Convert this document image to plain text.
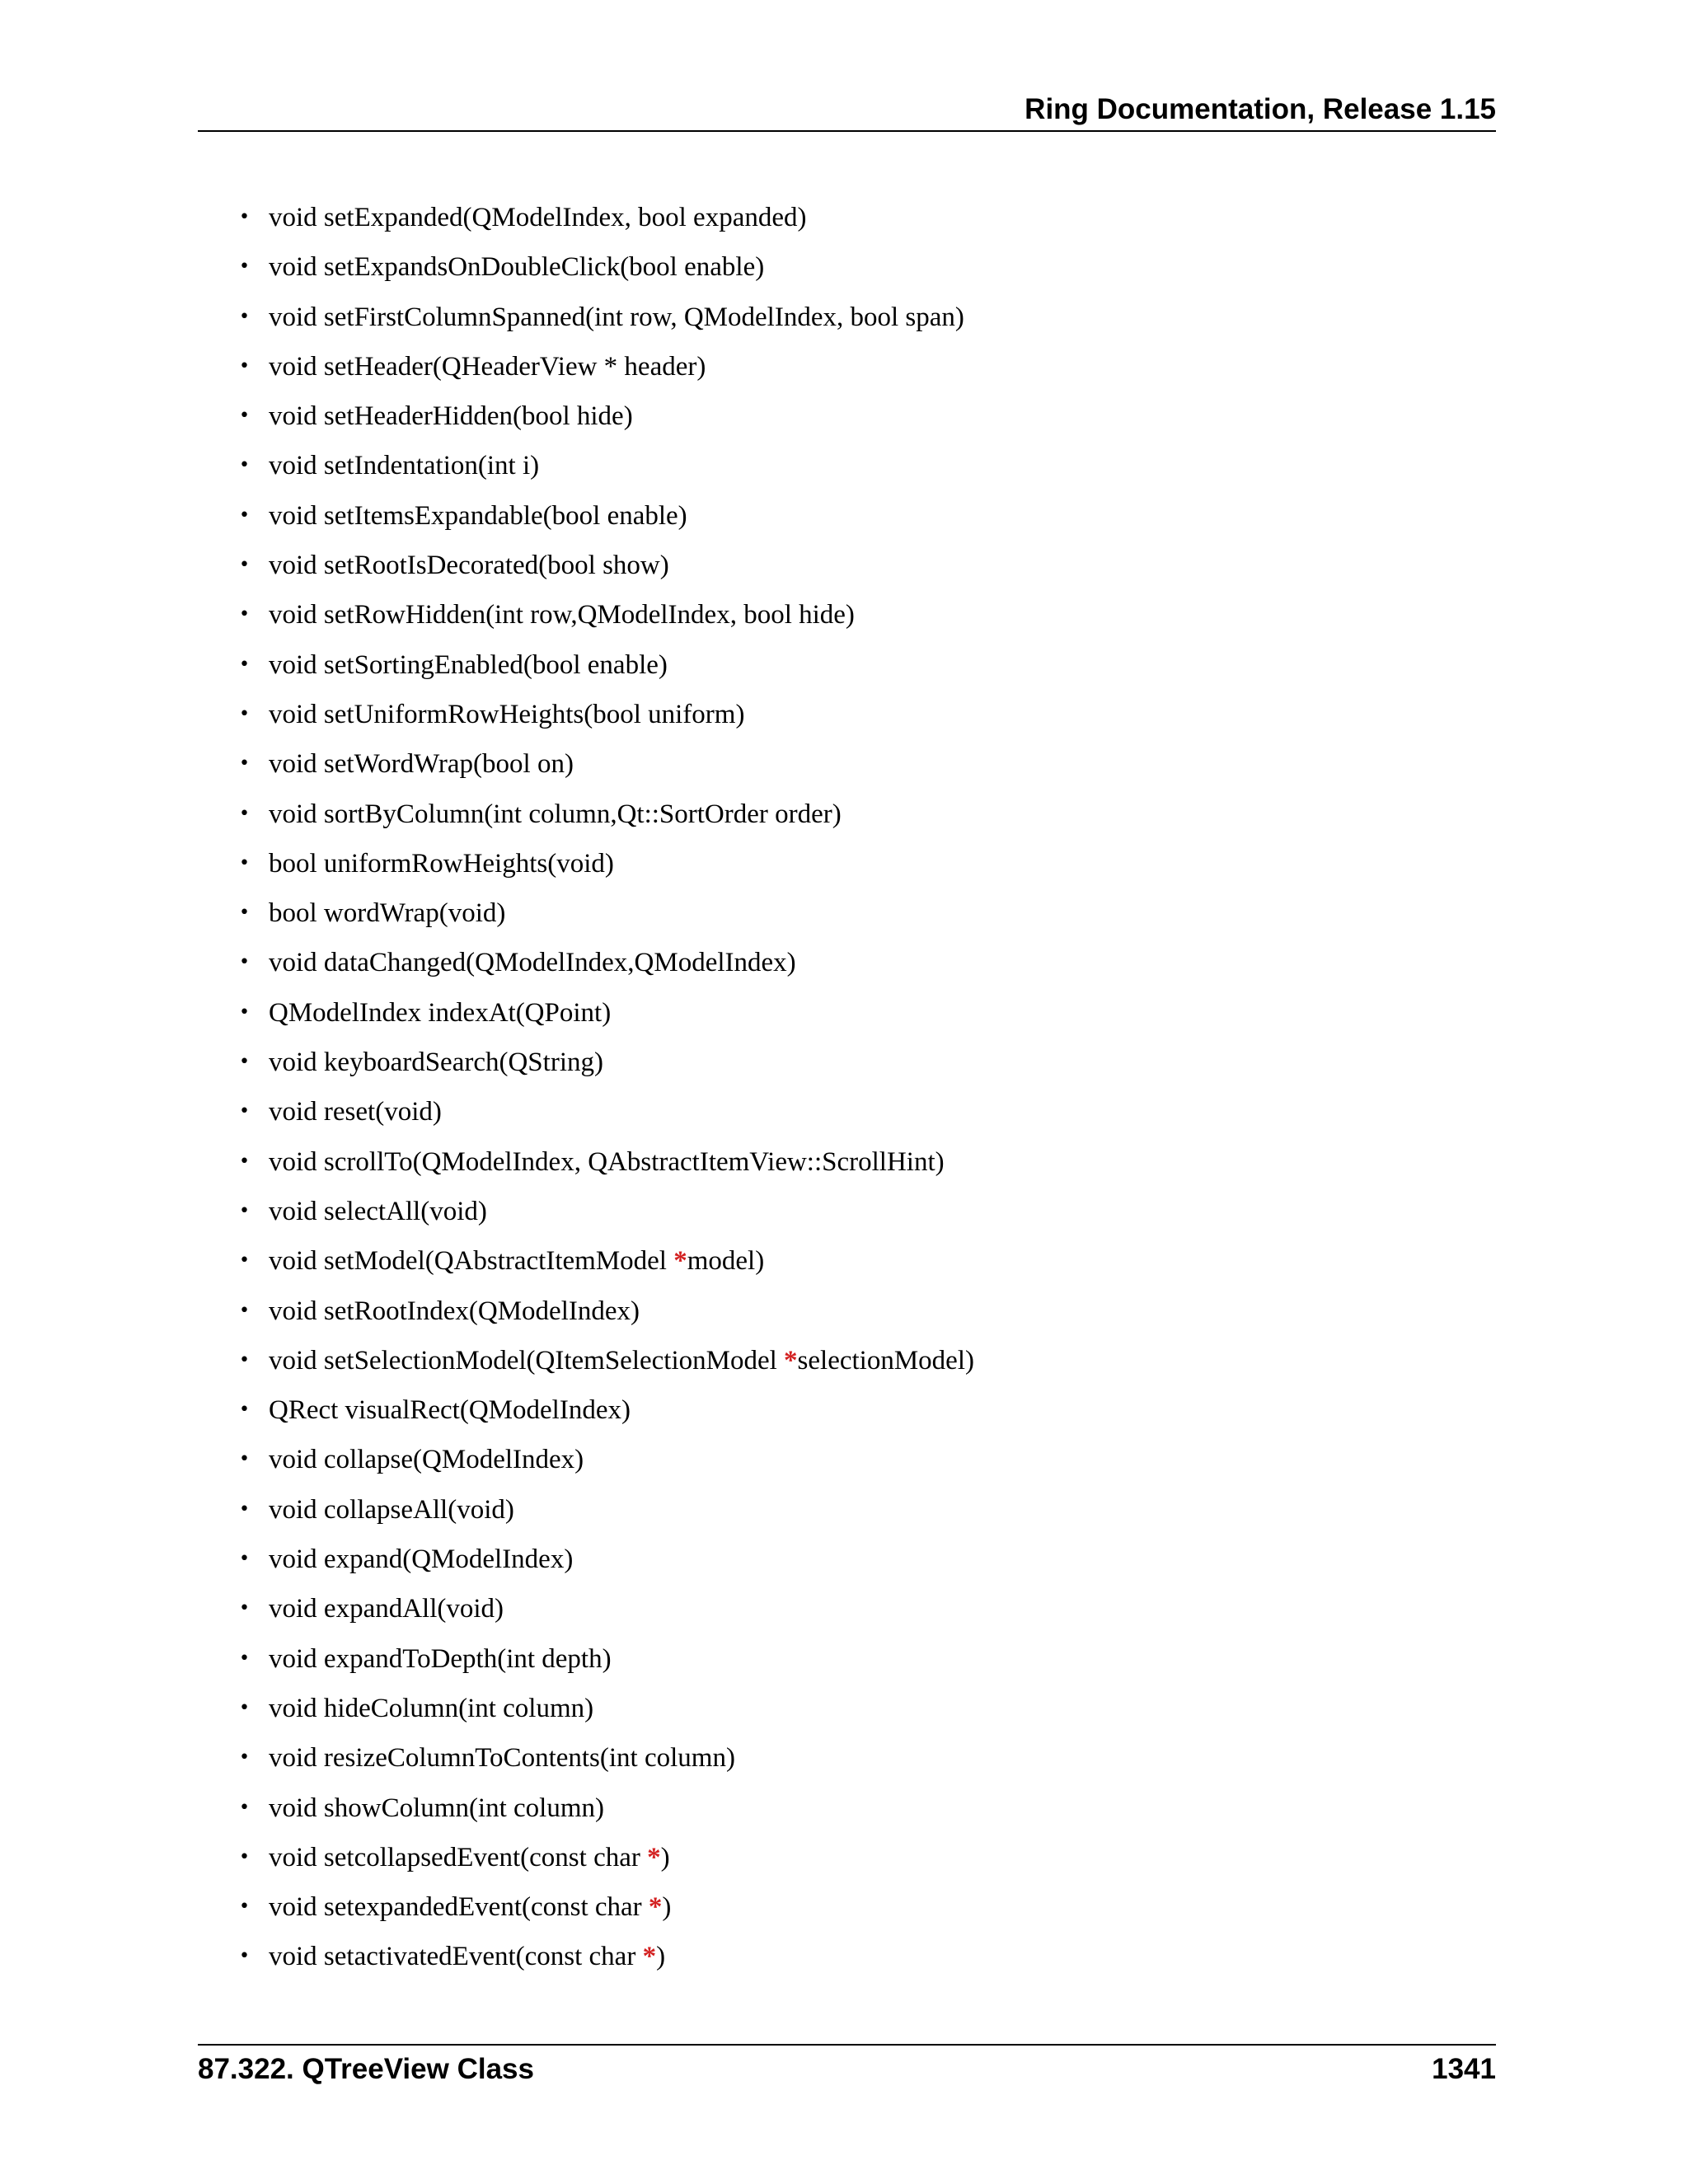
Ring Documentation, Release 1.15
• void setExpanded(QModelIndex, bool expanded)
• void setExpandsOnDoubleClick(bool enable)
• void setFirstColumnSpanned(int row, QModelIndex, bool span)
• void setHeader(QHeaderView * header)
• void setHeaderHidden(bool hide)
• void setIndentation(int i)
• void setItemsExpandable(bool enable)
• void setRootIsDecorated(bool show)
• void setRowHidden(int row,QModelIndex, bool hide)
• void setSortingEnabled(bool enable)
• void setUniformRowHeights(bool uniform)
• void setWordWrap(bool on)
• void sortByColumn(int column,Qt::SortOrder order)
• bool uniformRowHeights(void)
• bool wordWrap(void)
• void dataChanged(QModelIndex,QModelIndex)
• QModelIndex indexAt(QPoint)
• void keyboardSearch(QString)
• void reset(void)
• void scrollTo(QModelIndex, QAbstractItemView::ScrollHint)
• void selectAll(void)
• void setModel(QAbstractItemModel *model)
• void setRootIndex(QModelIndex)
• void setSelectionModel(QItemSelectionModel *selectionModel)
• QRect visualRect(QModelIndex)
• void collapse(QModelIndex)
• void collapseAll(void)
• void expand(QModelIndex)
• void expandAll(void)
• void expandToDepth(int depth)
• void hideColumn(int column)
• void resizeColumnToContents(int column)
• void showColumn(int column)
• void setcollapsedEvent(const char *)
• void setexpandedEvent(const char *)
• void setactivatedEvent(const char *)
87.322. QTreeView Class	1341
